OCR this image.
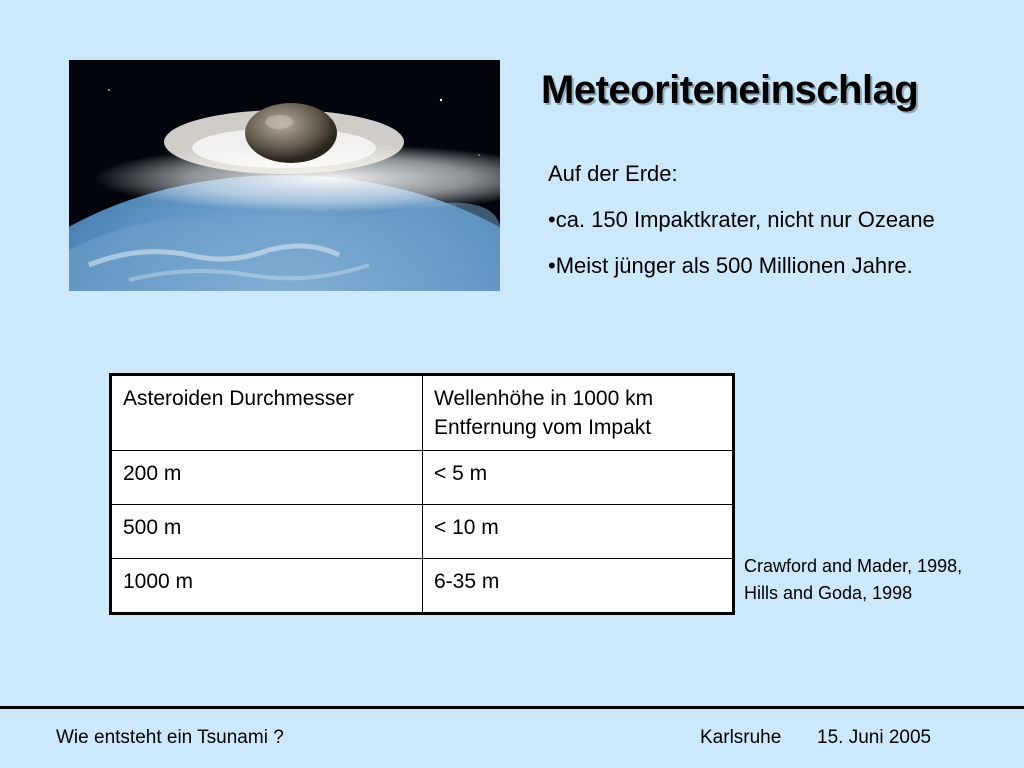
Meteoriteneinschlag

Auf der Erde:

•ca. 150 Impaktkrater, nicht nur Ozeane

•Meist jünger als 500 Millionen Jahre.

Asteroiden Durchmesser	Wellenhöhe in 1000 km Entfernung vom Impakt
200 m	< 5 m
500 m	< 10 m
1000 m	6-35 m
Crawford and Mader, 1998, Hills and Goda, 1998
Wie entsteht ein Tsunami ?	Karlsruhe 15. Juni 2005
